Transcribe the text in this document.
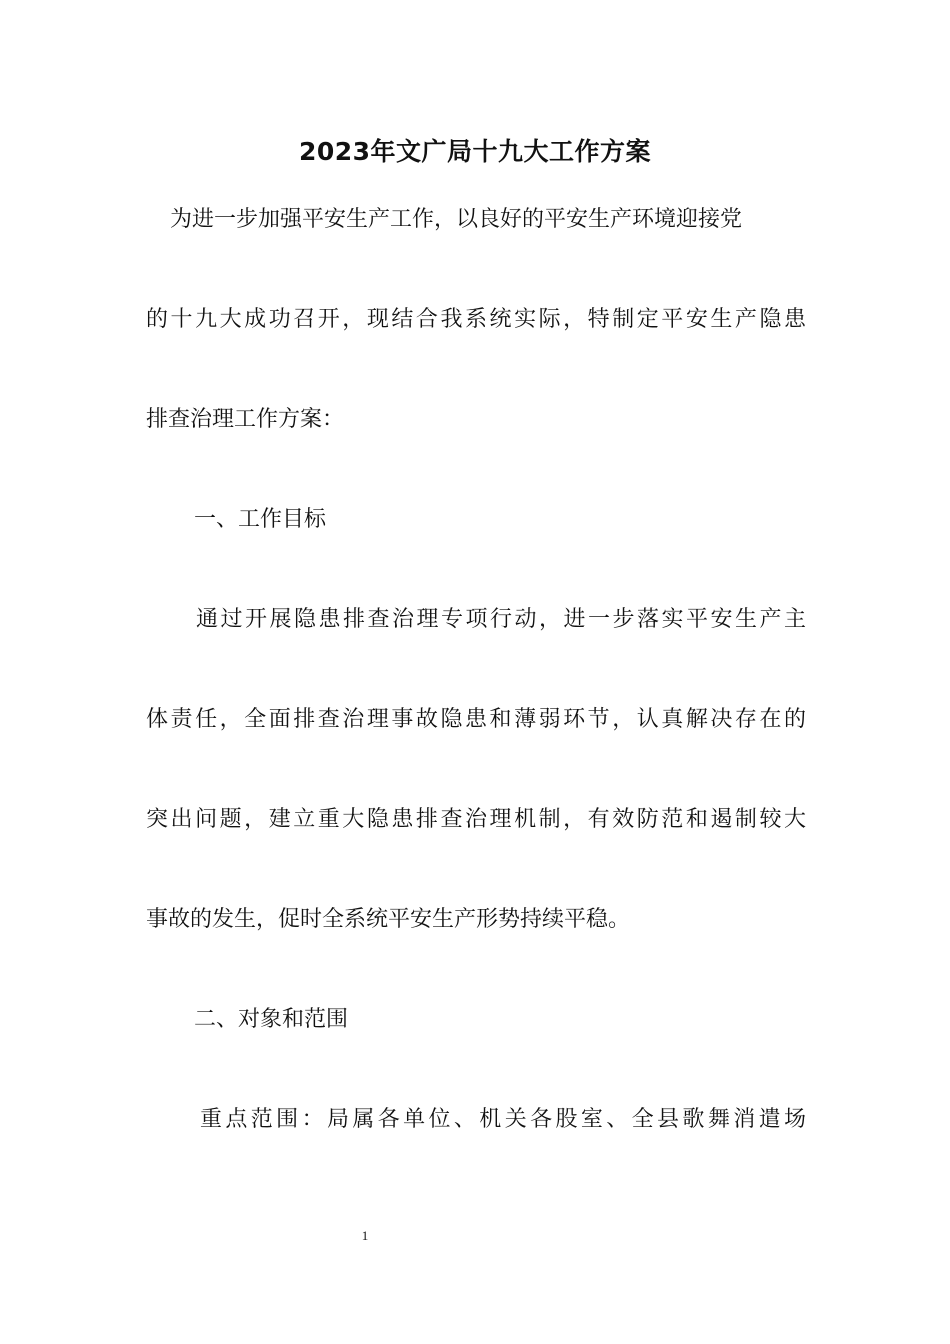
2023年文广局十九大工作方案

为进一步加强平安生产工作，以良好的平安生产环境迎接党

的十九大成功召开，现结合我系统实际，特制定平安生产隐患

排查治理工作方案：

一、工作目标

通过开展隐患排查治理专项行动，进一步落实平安生产主

体责任，全面排查治理事故隐患和薄弱环节，认真解决存在的

突出问题，建立重大隐患排查治理机制，有效防范和遏制较大

事故的发生，促时全系统平安生产形势持续平稳。

二、对象和范围

重点范围：局属各单位、机关各股室、全县歌舞消遣场

1
